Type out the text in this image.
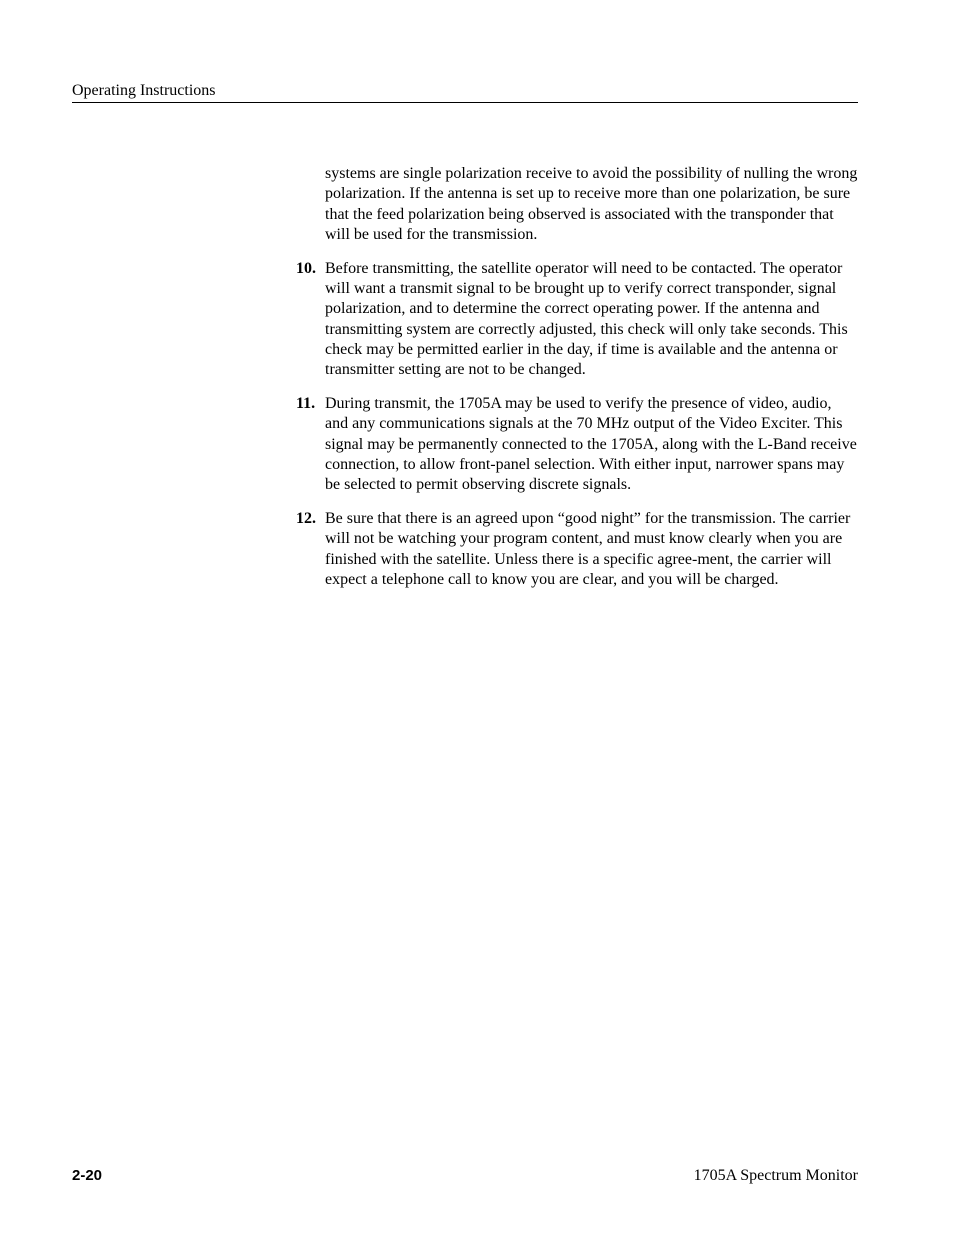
Operating Instructions

systems are single polarization receive to avoid the possibility of nulling the wrong polarization. If the antenna is set up to receive more than one polarization, be sure that the feed polarization being observed is associated with the transponder that will be used for the transmission.

10. Before transmitting, the satellite operator will need to be contacted. The operator will want a transmit signal to be brought up to verify correct transponder, signal polarization, and to determine the correct operating power. If the antenna and transmitting system are correctly adjusted, this check will only take seconds. This check may be permitted earlier in the day, if time is available and the antenna or transmitter setting are not to be changed.
11. During transmit, the 1705A may be used to verify the presence of video, audio, and any communications signals at the 70 MHz output of the Video Exciter. This signal may be permanently connected to the 1705A, along with the L-Band receive connection, to allow front-panel selection. With either input, narrower spans may be selected to permit observing discrete signals.
12. Be sure that there is an agreed upon “good night” for the transmission. The carrier will not be watching your program content, and must know clearly when you are finished with the satellite. Unless there is a specific agree-ment, the carrier will expect a telephone call to know you are clear, and you will be charged.
2-20	1705A Spectrum Monitor
